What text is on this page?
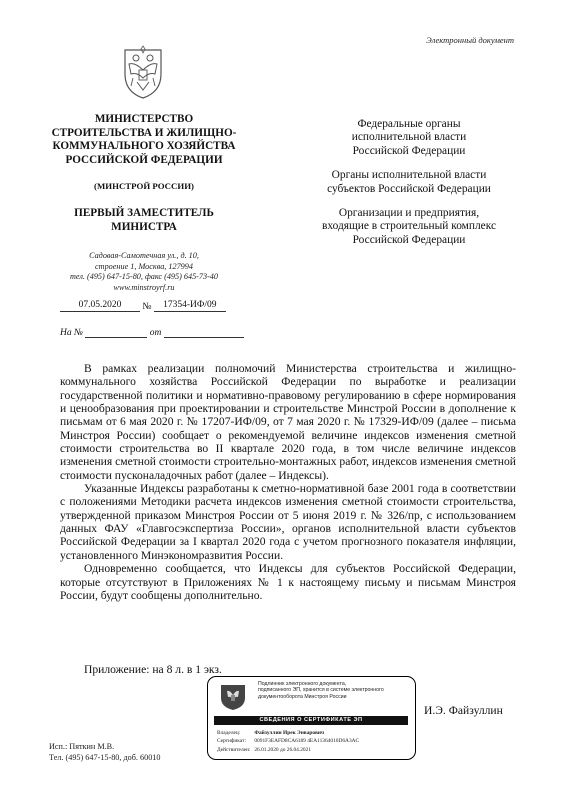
Электронный документ
МИНИСТЕРСТВО
СТРОИТЕЛЬСТВА И ЖИЛИЩНО-
КОММУНАЛЬНОГО ХОЗЯЙСТВА
РОССИЙСКОЙ ФЕДЕРАЦИИ
(МИНСТРОЙ РОССИИ)
ПЕРВЫЙ ЗАМЕСТИТЕЛЬ
МИНИСТРА
Садовая-Самотечная ул., д. 10,
строение 1, Москва, 127994
тел. (495) 647-15-80, факс (495) 645-73-40
www.minstroyrf.ru
07.05.2020 № 17354-ИФ/09
На №	от
Федеральные органы
исполнительной власти
Российской Федерации
Органы исполнительной власти
субъектов Российской Федерации
Организации и предприятия,
входящие в строительный комплекс
Российской Федерации

В рамках реализации полномочий Министерства строительства и жилищно-коммунального хозяйства Российской Федерации по выработке и реализации государственной политики и нормативно-правовому регулированию в сфере нормирования и ценообразования при проектировании и строительстве Минстрой России в дополнение к письмам от 6 мая 2020 г. № 17207-ИФ/09, от 7 мая 2020 г. № 17329-ИФ/09 (далее – письма Минстроя России) сообщает о рекомендуемой величине индексов изменения сметной стоимости строительства во II квартале 2020 года, в том числе величине индексов изменения сметной стоимости строительно-монтажных работ, индексов изменения сметной стоимости пусконаладочных работ (далее – Индексы).

Указанные Индексы разработаны к сметно-нормативной базе 2001 года в соответствии с положениями Методики расчета индексов изменения сметной стоимости строительства, утвержденной приказом Минстроя России от 5 июня 2019 г. № 326/пр, с использованием данных ФАУ «Главгосэкспертиза России», органов исполнительной власти субъектов Российской Федерации за I квартал 2020 года с учетом прогнозного показателя инфляции, установленного Минэкономразвития России.

Одновременно сообщается, что Индексы для субъектов Российской Федерации, которые отсутствуют в Приложениях № 1 к настоящему письму и письмам Минстроя России, будут сообщены дополнительно.

Приложение: на 8 л. в 1 экз.
Подлинник электронного документа,
подписанного ЭП, хранится в системе электронного
документооборота Минстроя России
СВЕДЕНИЯ О СЕРТИФИКАТЕ ЭП
Владелец:	Файзуллин Ирек Энварович
Сертификат: 0091F3EAFD8CA6189 4EA11364010D6A3AC
Действителен: 26.01.2020 до 26.04.2021
И.Э. Файзуллин
Исп.: Пяткин М.В.
Тел. (495) 647-15-80, доб. 60010
